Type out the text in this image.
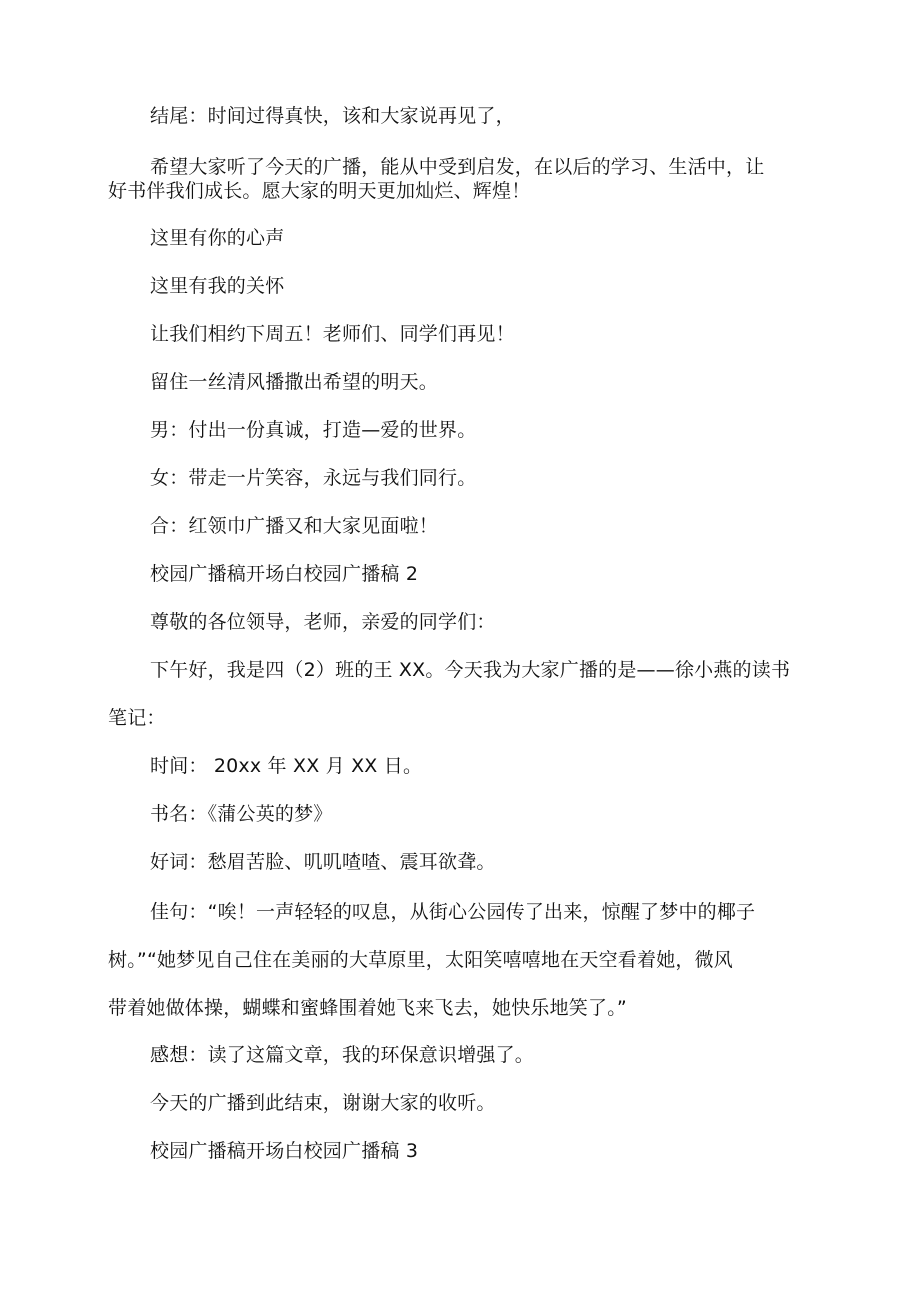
结尾：时间过得真快，该和大家说再见了，
希望大家听了今天的广播，能从中受到启发，在以后的学习、生活中，让
好书伴我们成长。愿大家的明天更加灿烂、辉煌！
这里有你的心声
这里有我的关怀
让我们相约下周五！老师们、同学们再见！
留住一丝清风播撒出希望的明天。
男：付出一份真诚，打造—爱的世界。
女：带走一片笑容，永远与我们同行。
合：红领巾广播又和大家见面啦！
校园广播稿开场白校园广播稿 2
尊敬的各位领导，老师，亲爱的同学们：
下午好，我是四（2）班的王 XX。今天我为大家广播的是——徐小燕的读书
笔记：
时间： 20xx 年 XX 月 XX 日。
书名：《蒲公英的梦》
好词：愁眉苦脸、叽叽喳喳、震耳欲聋。
佳句：“唉！一声轻轻的叹息，从街心公园传了出来，惊醒了梦中的椰子
树。”“她梦见自己住在美丽的大草原里，太阳笑嘻嘻地在天空看着她，微风
带着她做体操，蝴蝶和蜜蜂围着她飞来飞去，她快乐地笑了。”
感想：读了这篇文章，我的环保意识增强了。
今天的广播到此结束，谢谢大家的收听。
校园广播稿开场白校园广播稿 3
